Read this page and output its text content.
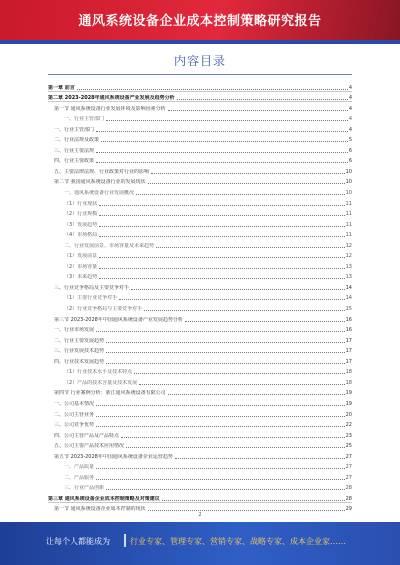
通风系统设备企业成本控制策略研究报告
内容目录
第一章 前言	4
第二章 2023-2028年通风系统设备产业发展及趋势分析	4
第一节 通风系统设备行业发展环境及影响因素分析	4
一、行业主管部门	4
一、行业主管部门	4
二、行业法规及政策	5
三、行业主要法规	6
四、行业主要政策	6
五、主要法律法规、行业政策对行业的影响	10
第二节 我国通风系统设备行业的发展现状	10
一、通风系统设备行业发展概况	10
（1）行业现状	11
（2）行业规模	11
（3）发展趋势	11
（4）市场格局	11
二、行业发展前景、市场容量及未来趋势	12
（1）发展前景	12
（2）市场容量	13
（3）未来趋势	13
三、行业竞争格局及主要竞争对手	14
（1）主要行业竞争对手	14
（2）行业竞争格局与主要竞争对手	15
第三节 2023-2028年中国通风系统设备产业发展趋势分析	16
一、行业市场发展	16
二、行业主要发展趋势	17
三、行业发展技术趋势	17
四、行业技术发展趋势	17
（1）行业技术水平及技术特点	18
（2）产品的技术含量及技术发展	18
第四节 行业案例分析：浙江通风系统设备有限公司	19
一、公司基本情况	19
二、公司主营业务	20
三、公司竞争优势	22
四、公司主营产品及产品特点	23
五、公司主要产品技术应用情况	25
第五节 2023-2028年中国通风系统设备企业运营趋势	27
一、产品质量	27
二、产品服务	27
三、行业产品创新	28
第三章 通风系统设备企业成本控制策略及对策建议	28
第一节 通风系统设备企业成本控制的现状	29
2
让每个人都能成为	行业专家、管理专家、营销专家、战略专家、成本企业家……
